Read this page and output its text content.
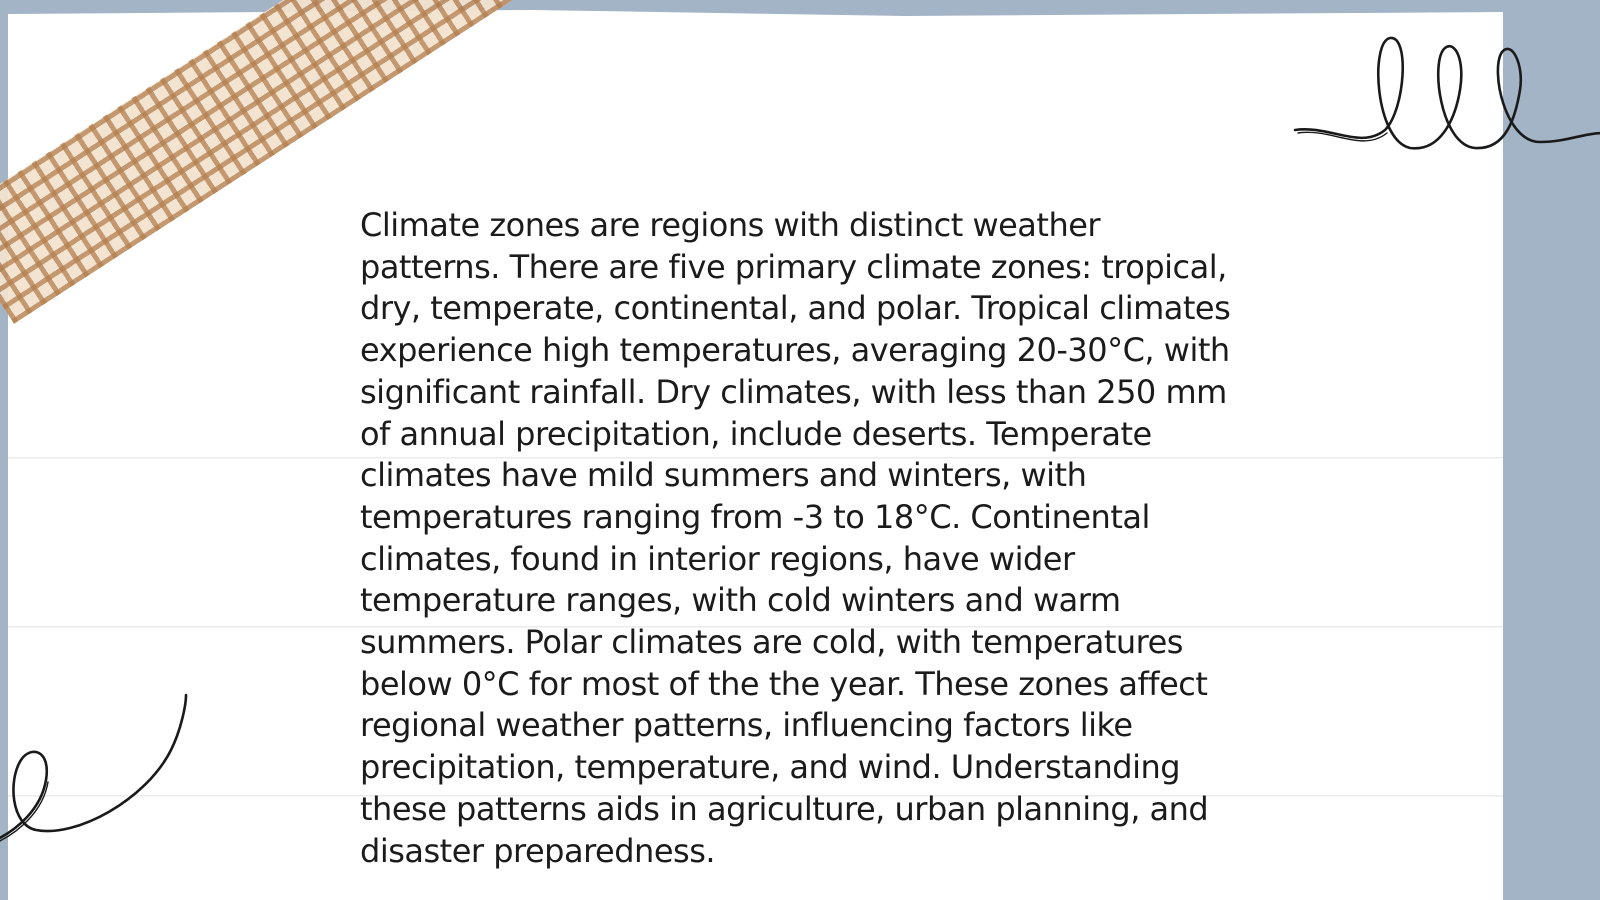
Climate zones are regions with distinct weather patterns. There are five primary climate zones: tropical, dry, temperate, continental, and polar. Tropical climates experience high temperatures, averaging 20-30°C, with significant rainfall. Dry climates, with less than 250 mm of annual precipitation, include deserts. Temperate climates have mild summers and winters, with temperatures ranging from -3 to 18°C. Continental climates, found in interior regions, have wider temperature ranges, with cold winters and warm summers. Polar climates are cold, with temperatures below 0°C for most of the the year. These zones affect regional weather patterns, influencing factors like precipitation, temperature, and wind. Understanding these patterns aids in agriculture, urban planning, and disaster preparedness.
